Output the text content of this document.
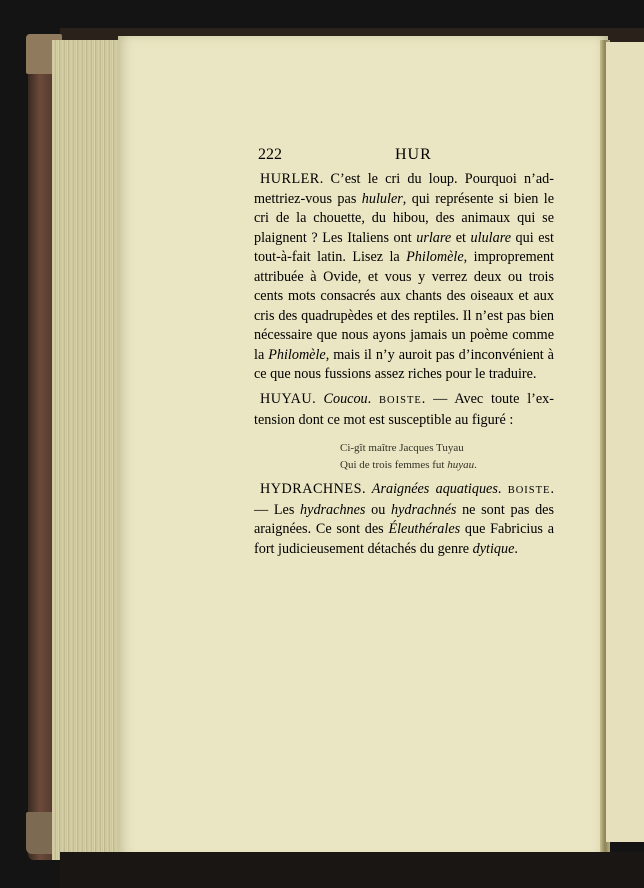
222	HUR
HURLER. C’est le cri du loup. Pourquoi n’admettriez-vous pas hululer, qui représente si bien le cri de la chouette, du hibou, des animaux qui se plaignent ? Les Italiens ont urlare et ululare qui est tout-à-fait latin. Lisez la Philomèle, improprement attribuée à Ovide, et vous y verrez deux ou trois cents mots consacrés aux chants des oiseaux et aux cris des quadrupèdes et des reptiles. Il n’est pas bien nécessaire que nous ayons jamais un poème comme la Philomèle, mais il n’y auroit pas d’inconvénient à ce que nous fussions assez riches pour le traduire.
HUYAU. Coucou. BOISTE. — Avec toute l’extension dont ce mot est susceptible au figuré :
Ci-gît maître Jacques Tuyau
Qui de trois femmes fut huyau.
HYDRACHNES. Araignées aquatiques. BOISTE. — Les hydrachnes ou hydrachnés ne sont pas des araignées. Ce sont des Éleuthérales que Fabricius a fort judicieusement détachés du genre dytique.
